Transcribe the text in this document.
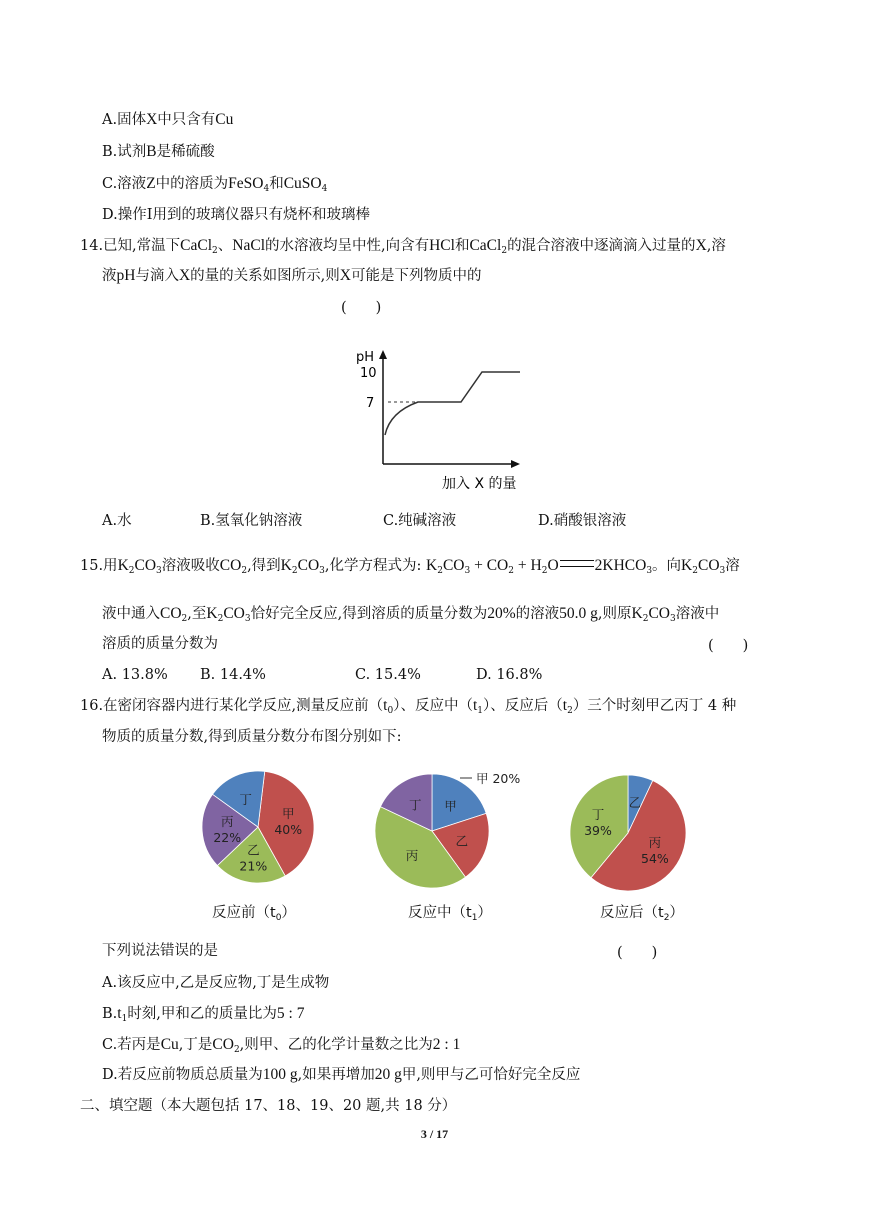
A.固体X中只含有Cu
B.试剂B是稀硫酸
C.溶液Z中的溶质为FeSO$_4$和CuSO$_4$
D.操作Ⅰ用到的玻璃仪器只有烧杯和玻璃棒
14.已知,常温下CaCl$_2$、NaCl的水溶液均呈中性,向含有HCl和CaCl$_2$的混合溶液中逐滴滴入过量的X,溶
液pH与滴入X的量的关系如图所示,则X可能是下列物质中的
(　　)
pH
10
7
加入 X 的量
A.水	B.氢氧化钠溶液	C.纯碱溶液	D.硝酸银溶液
15.用$K_2CO_3$溶液吸收$CO_2$,得到$K_2CO_3$,化学方程式为: $K_2CO_3 + CO_2 + H_2O$ $2KHCO_3$。向$K_2CO_3$溶
液中通入$CO_2$,至$K_2CO_3$恰好完全反应,得到溶质的质量分数为20%的溶液50.0 g,则原$K_2CO_3$溶液中
溶质的质量分数为	(　　)
A. 13.8% B. 14.4%	C. 15.4%	D. 16.8%
16.在密闭容器内进行某化学反应,测量反应前$(t_0)$、反应中$(t_1)$、反应后$(t_2)$三个时刻甲乙丙丁 4 种
物质的质量分数,得到质量分数分布图分别如下:
甲
40%
乙
21%
丙
22%
丁	甲
乙
丙
丁
甲 20%
乙
丙
54%
丁
39%
反应前$(t_0)$	反应中$(t_1)$	反应后$(t_2)$
下列说法错误的是	(　　)
A.该反应中,乙是反应物,丁是生成物
$B.t_1$时刻,甲和乙的质量比为5 : 7
C.若丙是Cu,丁是$CO_2$,则甲、乙的化学计量数之比为2 : 1
D.若反应前物质总质量为100 g,如果再增加20 g甲,则甲与乙可恰好完全反应
二、填空题（本大题包括 17、18、19、20 题,共 18 分）
3 / 17
